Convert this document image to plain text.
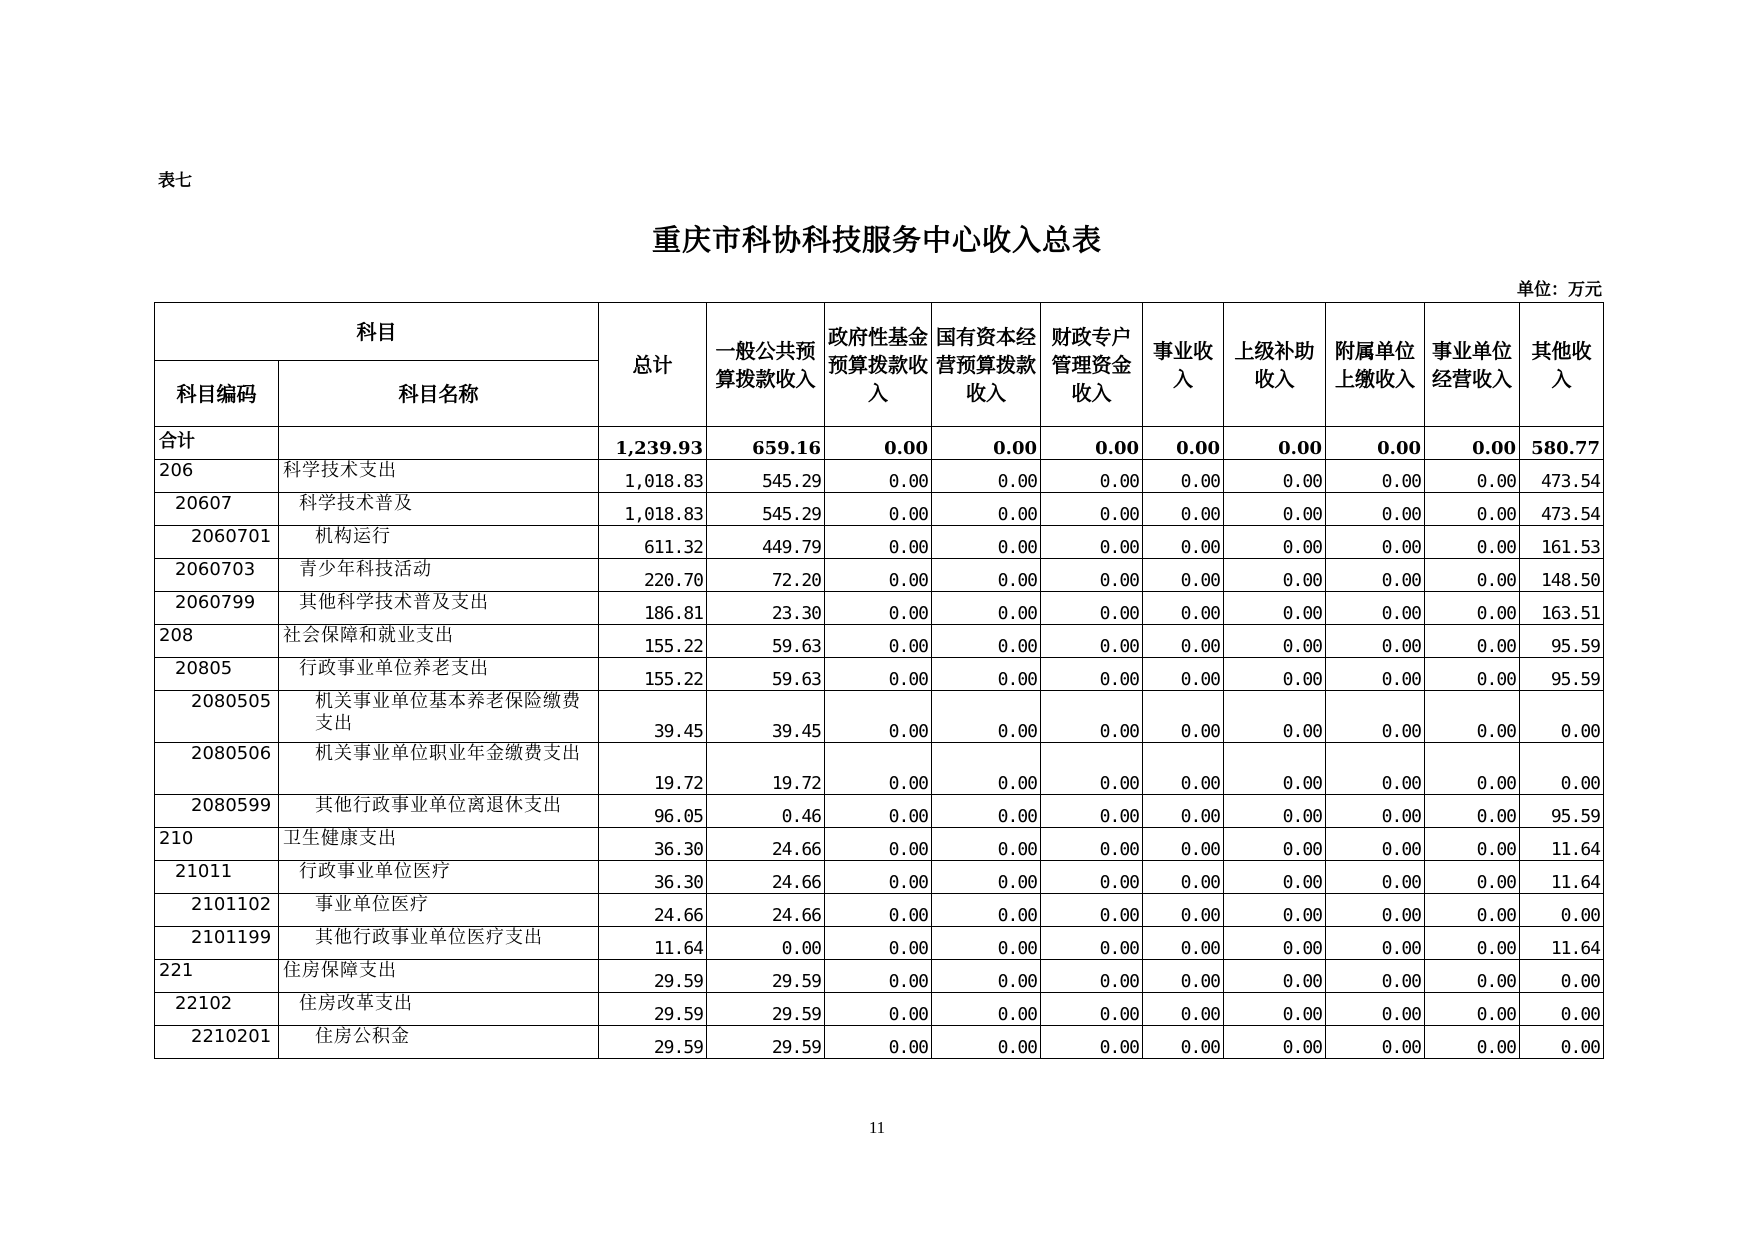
表七
重庆市科协科技服务中心收入总表
单位：万元
科目		总计	一般公共预算拨款收入	政府性基金预算拨款收入	国有资本经营预算拨款收入	财政专户管理资金收入	事业收入	上级补助收入	附属单位上缴收入	事业单位经营收入	其他收入
科目编码	科目名称										
合计		1,239.93	659.16	0.00	0.00	0.00	0.00	0.00	0.00	0.00	580.77
206	科学技术支出	1,018.83	545.29	0.00	0.00	0.00	0.00	0.00	0.00	0.00	473.54
20607	科学技术普及	1,018.83	545.29	0.00	0.00	0.00	0.00	0.00	0.00	0.00	473.54
2060701	机构运行	611.32	449.79	0.00	0.00	0.00	0.00	0.00	0.00	0.00	161.53
2060703	青少年科技活动	220.70	72.20	0.00	0.00	0.00	0.00	0.00	0.00	0.00	148.50
2060799	其他科学技术普及支出	186.81	23.30	0.00	0.00	0.00	0.00	0.00	0.00	0.00	163.51
208	社会保障和就业支出	155.22	59.63	0.00	0.00	0.00	0.00	0.00	0.00	0.00	95.59
20805	行政事业单位养老支出	155.22	59.63	0.00	0.00	0.00	0.00	0.00	0.00	0.00	95.59
2080505	机关事业单位基本养老保险缴费支出	39.45	39.45	0.00	0.00	0.00	0.00	0.00	0.00	0.00	0.00
2080506	机关事业单位职业年金缴费支出	19.72	19.72	0.00	0.00	0.00	0.00	0.00	0.00	0.00	0.00
2080599	其他行政事业单位离退休支出	96.05	0.46	0.00	0.00	0.00	0.00	0.00	0.00	0.00	95.59
210	卫生健康支出	36.30	24.66	0.00	0.00	0.00	0.00	0.00	0.00	0.00	11.64
21011	行政事业单位医疗	36.30	24.66	0.00	0.00	0.00	0.00	0.00	0.00	0.00	11.64
2101102	事业单位医疗	24.66	24.66	0.00	0.00	0.00	0.00	0.00	0.00	0.00	0.00
2101199	其他行政事业单位医疗支出	11.64	0.00	0.00	0.00	0.00	0.00	0.00	0.00	0.00	11.64
221	住房保障支出	29.59	29.59	0.00	0.00	0.00	0.00	0.00	0.00	0.00	0.00
22102	住房改革支出	29.59	29.59	0.00	0.00	0.00	0.00	0.00	0.00	0.00	0.00
2210201	住房公积金	29.59	29.59	0.00	0.00	0.00	0.00	0.00	0.00	0.00	0.00
11
